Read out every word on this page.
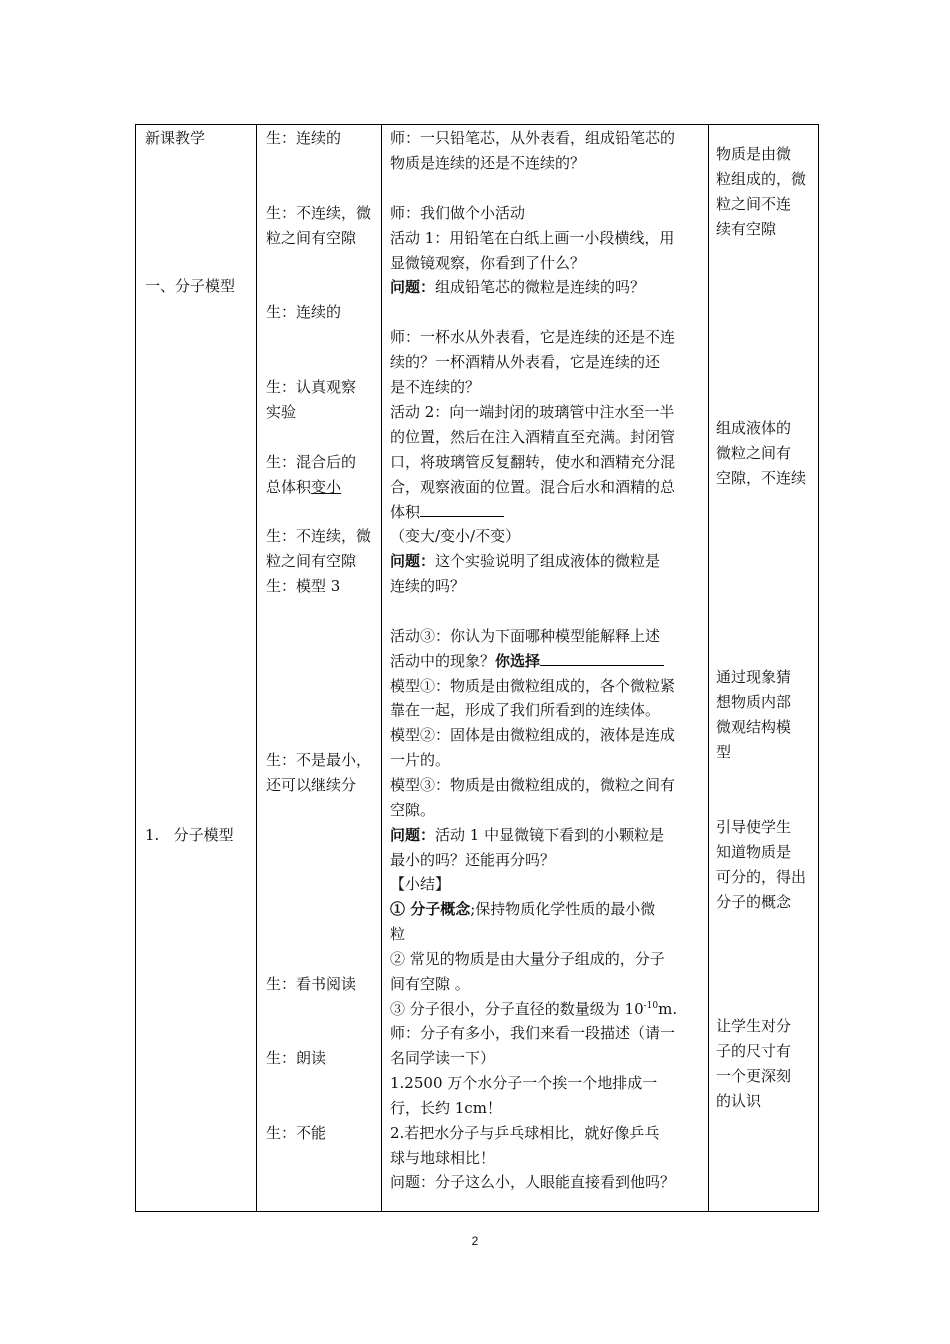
新课教学
一、分子模型
1.   分子模型
生：连续的
生：不连续，微
粒之间有空隙
生：连续的
生：认真观察
实验
生：混合后的
总体积变小
生：不连续，微
粒之间有空隙
生：模型 3
生：不是最小，
还可以继续分
生：看书阅读
生：朗读
生：不能
师：一只铅笔芯，从外表看，组成铅笔芯的
物质是连续的还是不连续的？
师：我们做个小活动
活动 1：用铅笔在白纸上画一小段横线，用
显微镜观察，你看到了什么？
问题：组成铅笔芯的微粒是连续的吗？
师：一杯水从外表看，它是连续的还是不连
续的？一杯酒精从外表看，它是连续的还
是不连续的？
活动 2：向一端封闭的玻璃管中注水至一半
的位置，然后在注入酒精直至充满。封闭管
口，将玻璃管反复翻转，使水和酒精充分混
合，观察液面的位置。混合后水和酒精的总
体积
（变大/变小/不变）
问题：这个实验说明了组成液体的微粒是
连续的吗？
活动③：你认为下面哪种模型能解释上述
活动中的现象？你选择
模型①：物质是由微粒组成的，各个微粒紧
靠在一起，形成了我们所看到的连续体。
模型②：固体是由微粒组成的，液体是连成
一片的。
模型③：物质是由微粒组成的，微粒之间有
空隙。
问题：活动 1 中显微镜下看到的小颗粒是
最小的吗？还能再分吗？
【小结】
① 分子概念;保持物质化学性质的最小微
粒
② 常见的物质是由大量分子组成的，分子
间有空隙 。
③ 分子很小，分子直径的数量级为 $10^{-10}m$.
师：分子有多小，我们来看一段描述（请一
名同学读一下）
1.2500 万个水分子一个挨一个地排成一
行，长约 1cm！
2.若把水分子与乒乓球相比，就好像乒乓
球与地球相比！
问题：分子这么小，人眼能直接看到他吗？
物质是由微
粒组成的，微
粒之间不连
续有空隙
组成液体的
微粒之间有
空隙，不连续
通过现象猜
想物质内部
微观结构模
型
引导使学生
知道物质是
可分的，得出
分子的概念
让学生对分
子的尺寸有
一个更深刻
的认识
2
